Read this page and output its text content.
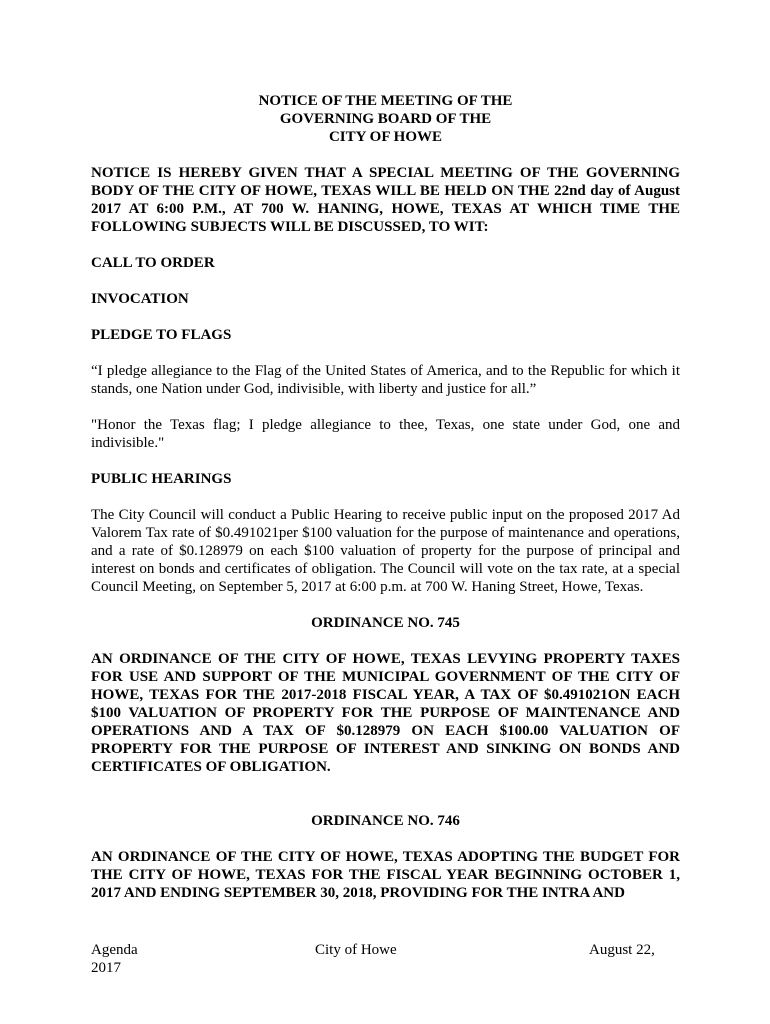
NOTICE OF THE MEETING OF THE
GOVERNING BOARD OF THE
CITY OF HOWE

NOTICE IS HEREBY GIVEN THAT A SPECIAL MEETING OF THE GOVERNING BODY OF THE CITY OF HOWE, TEXAS WILL BE HELD ON THE 22nd day of August 2017 AT 6:00 P.M., AT 700 W. HANING, HOWE, TEXAS AT WHICH TIME THE FOLLOWING SUBJECTS WILL BE DISCUSSED, TO WIT:

CALL TO ORDER

INVOCATION

PLEDGE TO FLAGS

“I pledge allegiance to the Flag of the United States of America, and to the Republic for which it stands, one Nation under God, indivisible, with liberty and justice for all.”

"Honor the Texas flag; I pledge allegiance to thee, Texas, one state under God, one and indivisible."

PUBLIC HEARINGS

The City Council will conduct a Public Hearing to receive public input on the proposed 2017 Ad Valorem Tax rate of $0.491021per $100 valuation for the purpose of maintenance and operations, and a rate of $0.128979 on each $100 valuation of property for the purpose of principal and interest on bonds and certificates of obligation. The Council will vote on the tax rate, at a special Council Meeting, on September 5, 2017 at 6:00 p.m. at 700 W. Haning Street, Howe, Texas.

ORDINANCE NO. 745

AN ORDINANCE OF THE CITY OF HOWE, TEXAS LEVYING PROPERTY TAXES FOR USE AND SUPPORT OF THE MUNICIPAL GOVERNMENT OF THE CITY OF HOWE, TEXAS FOR THE 2017-2018 FISCAL YEAR, A TAX OF $0.491021ON EACH $100 VALUATION OF PROPERTY FOR THE PURPOSE OF MAINTENANCE AND OPERATIONS AND A TAX OF $0.128979 ON EACH $100.00 VALUATION OF PROPERTY FOR THE PURPOSE OF INTEREST AND SINKING ON BONDS AND CERTIFICATES OF OBLIGATION.

ORDINANCE NO. 746

AN ORDINANCE OF THE CITY OF HOWE, TEXAS ADOPTING THE BUDGET FOR THE CITY OF HOWE, TEXAS FOR THE FISCAL YEAR BEGINNING OCTOBER 1, 2017 AND ENDING SEPTEMBER 30, 2018, PROVIDING FOR THE INTRA AND

Agenda	City of Howe	August 22,
2017
